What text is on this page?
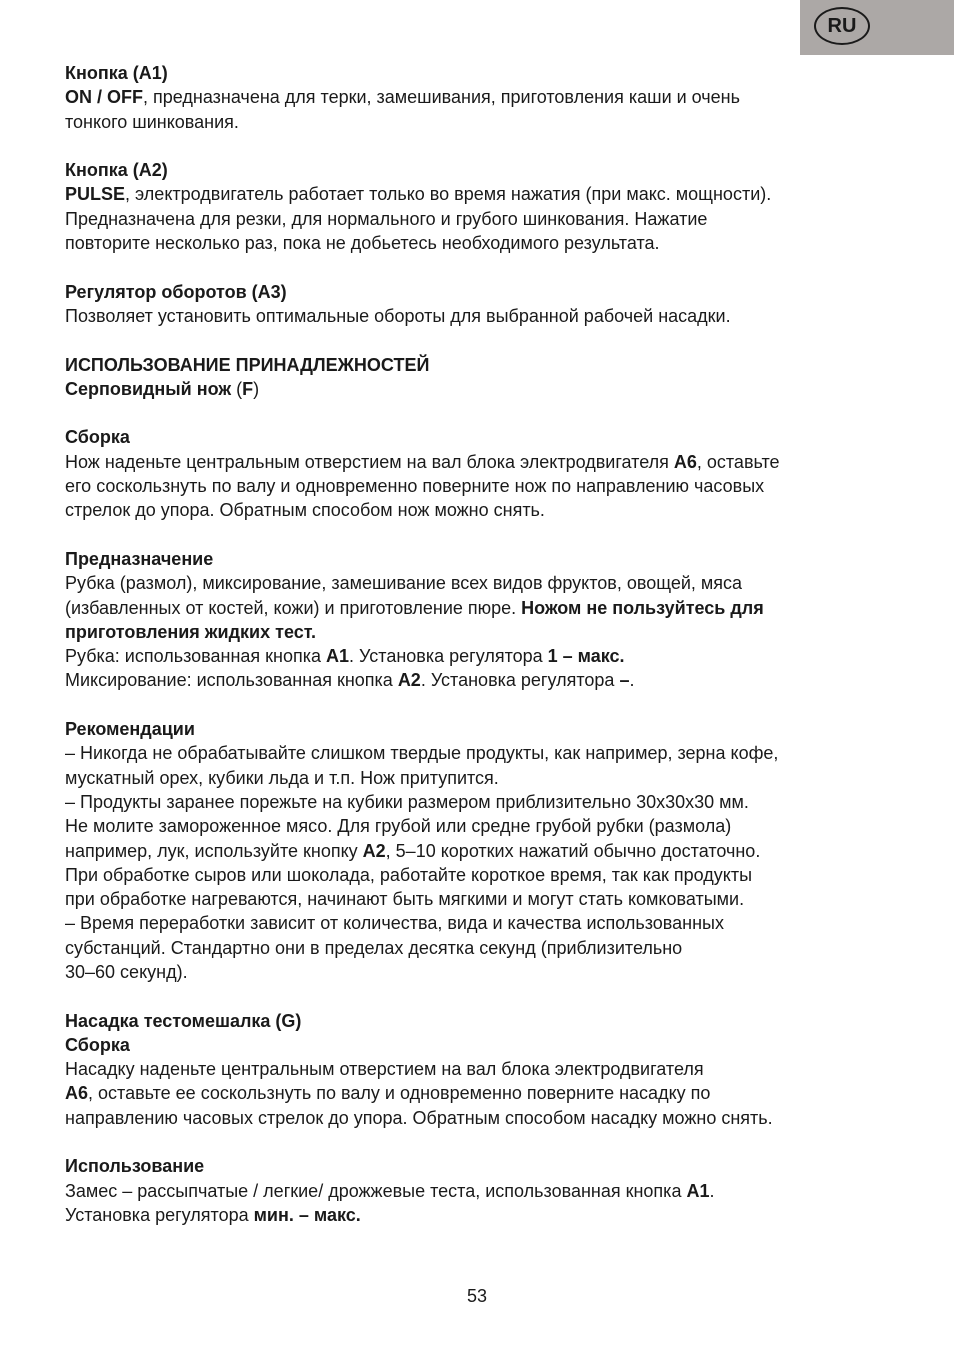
RU

Кнопка (A1)

ON / OFF, предназначена для терки, замешивания, приготовления каши и очень

тонкого шинкования.

Кнопка (A2)

PULSE, электродвигатель работает только во время нажатия (при макс. мощности).

Предназначена для резки, для нормального и грубого шинкования. Нажатие

повторите несколько раз, пока не добьетесь необходимого результата.

Регулятор оборотов (A3)

Позволяет установить оптимальные обороты для выбранной рабочей насадки.

ИСПОЛЬЗОВАНИЕ ПРИНАДЛЕЖНОСТЕЙ

Серповидный нож (F)

Сборка

Нож наденьте центральным отверстием на вал блока электродвигателя A6, оставьте

его соскользнуть по валу и одновременно поверните нож по направлению часовых

стрелок до упора. Обратным способом нож можно снять.

Предназначение

Рубка (размол), миксирование, замешивание всех видов фруктов, овощей, мяса

(избавленных от костей, кожи) и приготовление пюре. Ножом не пользуйтесь для

приготовления жидких тест.

Рубка: использованная кнопка A1. Установка регулятора 1 – макс.

Миксирование: использованная кнопка A2. Установка регулятора –.

Рекомендации

– Никогда не обрабатывайте слишком твердые продукты, как например, зерна кофе,

мускатный орех, кубики льда и т.п. Нож притупится.

– Продукты заранее порежьте на кубики размером приблизительно 30x30x30 мм.

Не молите замороженное мясо. Для грубой или средне грубой рубки (размола)

например, лук, используйте кнопку A2, 5–10 коротких нажатий обычно достаточно.

При обработке сыров или шоколада, работайте короткое время, так как продукты

при обработке нагреваются, начинают быть мягкими и могут стать комковатыми.

– Время переработки зависит от количества, вида и качества использованных

субстанций. Стандартно они в пределах десятка секунд (приблизительно

30–60 секунд).

Насадка тестомешалка (G)

Сборка

Насадку наденьте центральным отверстием на вал блока электродвигателя

A6, оставьте ее соскользнуть по валу и одновременно поверните насадку по

направлению часовых стрелок до упора. Обратным способом насадку можно снять.

Использование

Замес – рассыпчатые / легкие/ дрожжевые теста, использованная кнопка A1.

Установка регулятора мин. – макс.

53
